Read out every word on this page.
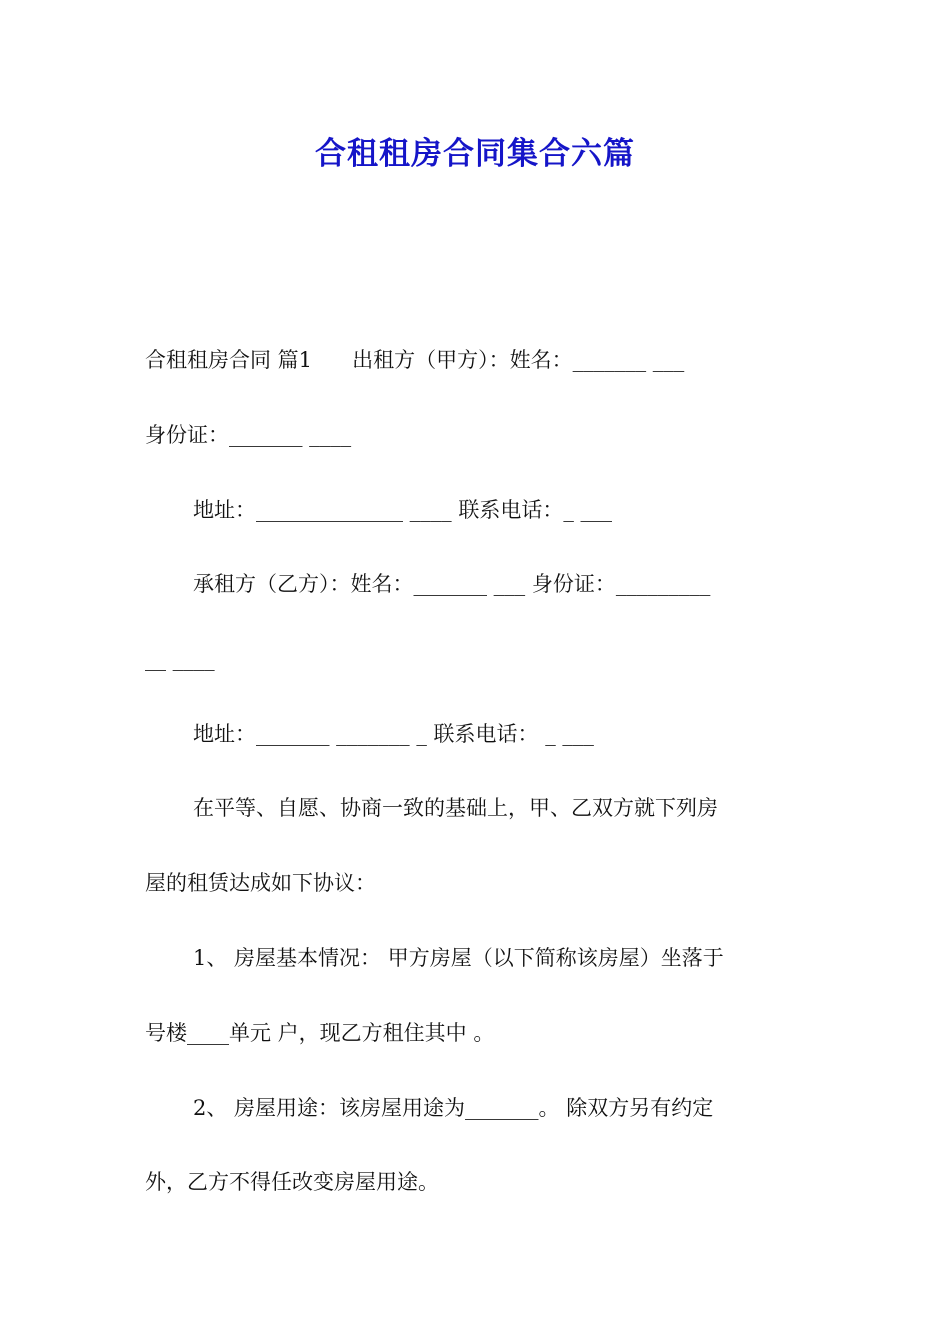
合租租房合同集合六篇

合租租房合同 篇1      出租方（甲方）：姓名：_______ ___

身份证：_______ ____

地址：______________ ____ 联系电话：_ ___

承租方（乙方）：姓名：_______ ___ 身份证：_________

__ ____

地址：_______ _______ _ 联系电话： _ ___

在平等、自愿、协商一致的基础上，甲、乙双方就下列房

屋的租赁达成如下协议：

1、 房屋基本情况： 甲方房屋（以下简称该房屋）坐落于

号楼____单元 户，现乙方租住其中 。

2、 房屋用途：该房屋用途为_______。 除双方另有约定

外，乙方不得任改变房屋用途。
